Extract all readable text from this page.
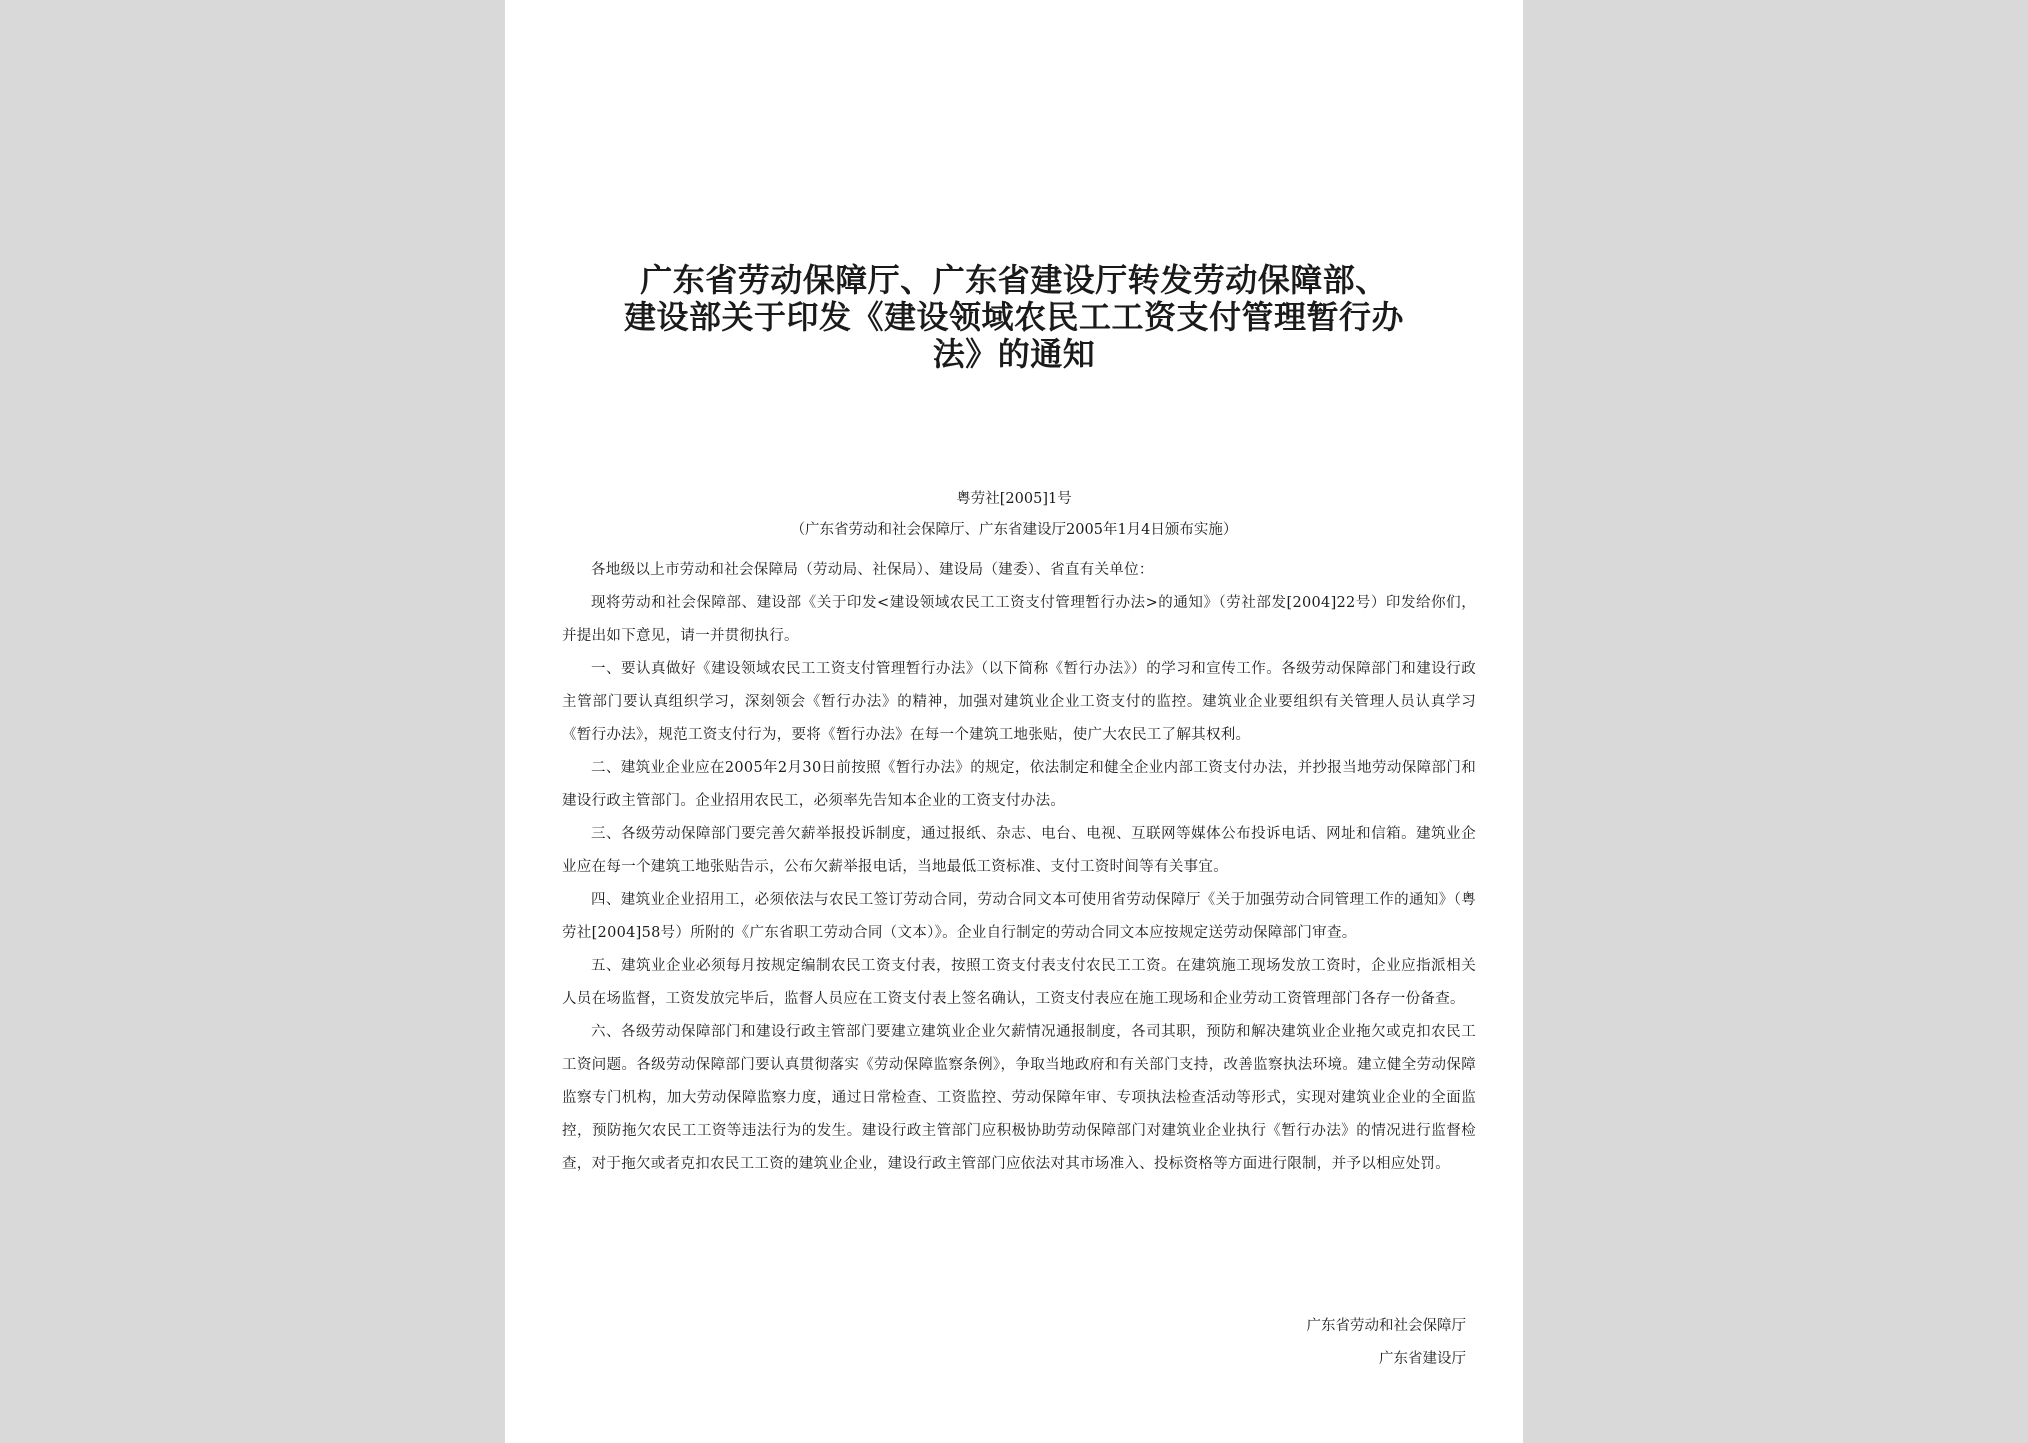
广东省劳动保障厅、广东省建设厅转发劳动保障部、
建设部关于印发《建设领域农民工工资支付管理暂行办
法》的通知
粤劳社[2005]1号
（广东省劳动和社会保障厅、广东省建设厅2005年1月4日颁布实施）

各地级以上市劳动和社会保障局（劳动局、社保局）、建设局（建委）、省直有关单位：

现将劳动和社会保障部、建设部《关于印发<建设领域农民工工资支付管理暂行办法>的通知》（劳社部发[2004]22号）印发给你们，并提出如下意见，请一并贯彻执行。

一、要认真做好《建设领域农民工工资支付管理暂行办法》（以下简称《暂行办法》）的学习和宣传工作。各级劳动保障部门和建设行政主管部门要认真组织学习，深刻领会《暂行办法》的精神，加强对建筑业企业工资支付的监控。建筑业企业要组织有关管理人员认真学习《暂行办法》，规范工资支付行为，要将《暂行办法》在每一个建筑工地张贴，使广大农民工了解其权利。

二、建筑业企业应在2005年2月30日前按照《暂行办法》的规定，依法制定和健全企业内部工资支付办法，并抄报当地劳动保障部门和建设行政主管部门。企业招用农民工，必须率先告知本企业的工资支付办法。

三、各级劳动保障部门要完善欠薪举报投诉制度，通过报纸、杂志、电台、电视、互联网等媒体公布投诉电话、网址和信箱。建筑业企业应在每一个建筑工地张贴告示，公布欠薪举报电话，当地最低工资标准、支付工资时间等有关事宜。

四、建筑业企业招用工，必须依法与农民工签订劳动合同，劳动合同文本可使用省劳动保障厅《关于加强劳动合同管理工作的通知》（粤劳社[2004]58号）所附的《广东省职工劳动合同（文本）》。企业自行制定的劳动合同文本应按规定送劳动保障部门审查。

五、建筑业企业必须每月按规定编制农民工资支付表，按照工资支付表支付农民工工资。在建筑施工现场发放工资时，企业应指派相关人员在场监督，工资发放完毕后，监督人员应在工资支付表上签名确认，工资支付表应在施工现场和企业劳动工资管理部门各存一份备查。

六、各级劳动保障部门和建设行政主管部门要建立建筑业企业欠薪情况通报制度，各司其职，预防和解决建筑业企业拖欠或克扣农民工工资问题。各级劳动保障部门要认真贯彻落实《劳动保障监察条例》，争取当地政府和有关部门支持，改善监察执法环境。建立健全劳动保障监察专门机构，加大劳动保障监察力度，通过日常检查、工资监控、劳动保障年审、专项执法检查活动等形式，实现对建筑业企业的全面监控，预防拖欠农民工工资等违法行为的发生。建设行政主管部门应积极协助劳动保障部门对建筑业企业执行《暂行办法》的情况进行监督检查，对于拖欠或者克扣农民工工资的建筑业企业，建设行政主管部门应依法对其市场准入、投标资格等方面进行限制，并予以相应处罚。

广东省劳动和社会保障厅
广东省建设厅
